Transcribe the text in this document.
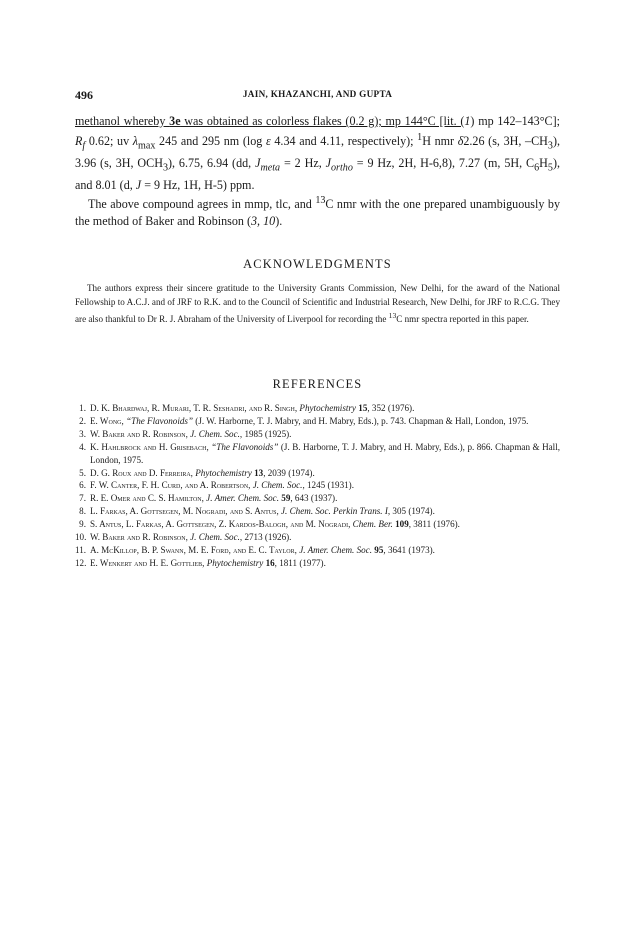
496	JAIN, KHAZANCHI, AND GUPTA

methanol whereby 3e was obtained as colorless flakes (0.2 g); mp 144°C [lit. (1) mp 142–143°C]; $R_f$ 0.62; uv $\lambda_{max}$ 245 and 295 nm (log ε 4.34 and 4.11, respectively); $^1$H nmr δ2.26 (s, 3H, $-CH_3$), 3.96 (s, 3H, $OCH_3$), 6.75, 6.94 (dd, $J_{meta} = 2$ Hz, $J_{ortho} = 9$ Hz, 2H, H-6,8), 7.27 (m, 5H, $C_6H_5$), and 8.01 (d, J = 9 Hz, 1H, H-5) ppm.

The above compound agrees in mmp, tlc, and $^{13}$C nmr with the one prepared unambiguously by the method of Baker and Robinson (3, 10).

ACKNOWLEDGMENTS

The authors express their sincere gratitude to the University Grants Commission, New Delhi, for the award of the National Fellowship to A.C.J. and of JRF to R.K. and to the Council of Scientific and Industrial Research, New Delhi, for JRF to R.C.G. They are also thankful to Dr R. J. Abraham of the University of Liverpool for recording the $^{13}$C nmr spectra reported in this paper.

REFERENCES
1. D. K. Bhardwaj, R. Murari, T. R. Seshadri, and R. Singh, Phytochemistry 15, 352 (1976).
2. E. Wong, “The Flavonoids” (J. W. Harborne, T. J. Mabry, and H. Mabry, Eds.), p. 743. Chapman & Hall, London, 1975.
3. W. Baker and R. Robinson, J. Chem. Soc., 1985 (1925).
4. K. Hahlbrock and H. Grisebach, “The Flavonoids” (J. B. Harborne, T. J. Mabry, and H. Mabry, Eds.), p. 866. Chapman & Hall, London, 1975.
5. D. G. Roux and D. Ferreira, Phytochemistry 13, 2039 (1974).
6. F. W. Canter, F. H. Curd, and A. Robertson, J. Chem. Soc., 1245 (1931).
7. R. E. Omer and C. S. Hamilton, J. Amer. Chem. Soc. 59, 643 (1937).
8. L. Farkas, A. Gottsegen, M. Nogradi, and S. Antus, J. Chem. Soc. Perkin Trans. I, 305 (1974).
9. S. Antus, L. Farkas, A. Gottsegen, Z. Kardos-Balogh, and M. Nogradi, Chem. Ber. 109, 3811 (1976).
10. W. Baker and R. Robinson, J. Chem. Soc., 2713 (1926).
11. A. McKillop, B. P. Swann, M. E. Ford, and E. C. Taylor, J. Amer. Chem. Soc. 95, 3641 (1973).
12. E. Wenkert and H. E. Gottlieb, Phytochemistry 16, 1811 (1977).
